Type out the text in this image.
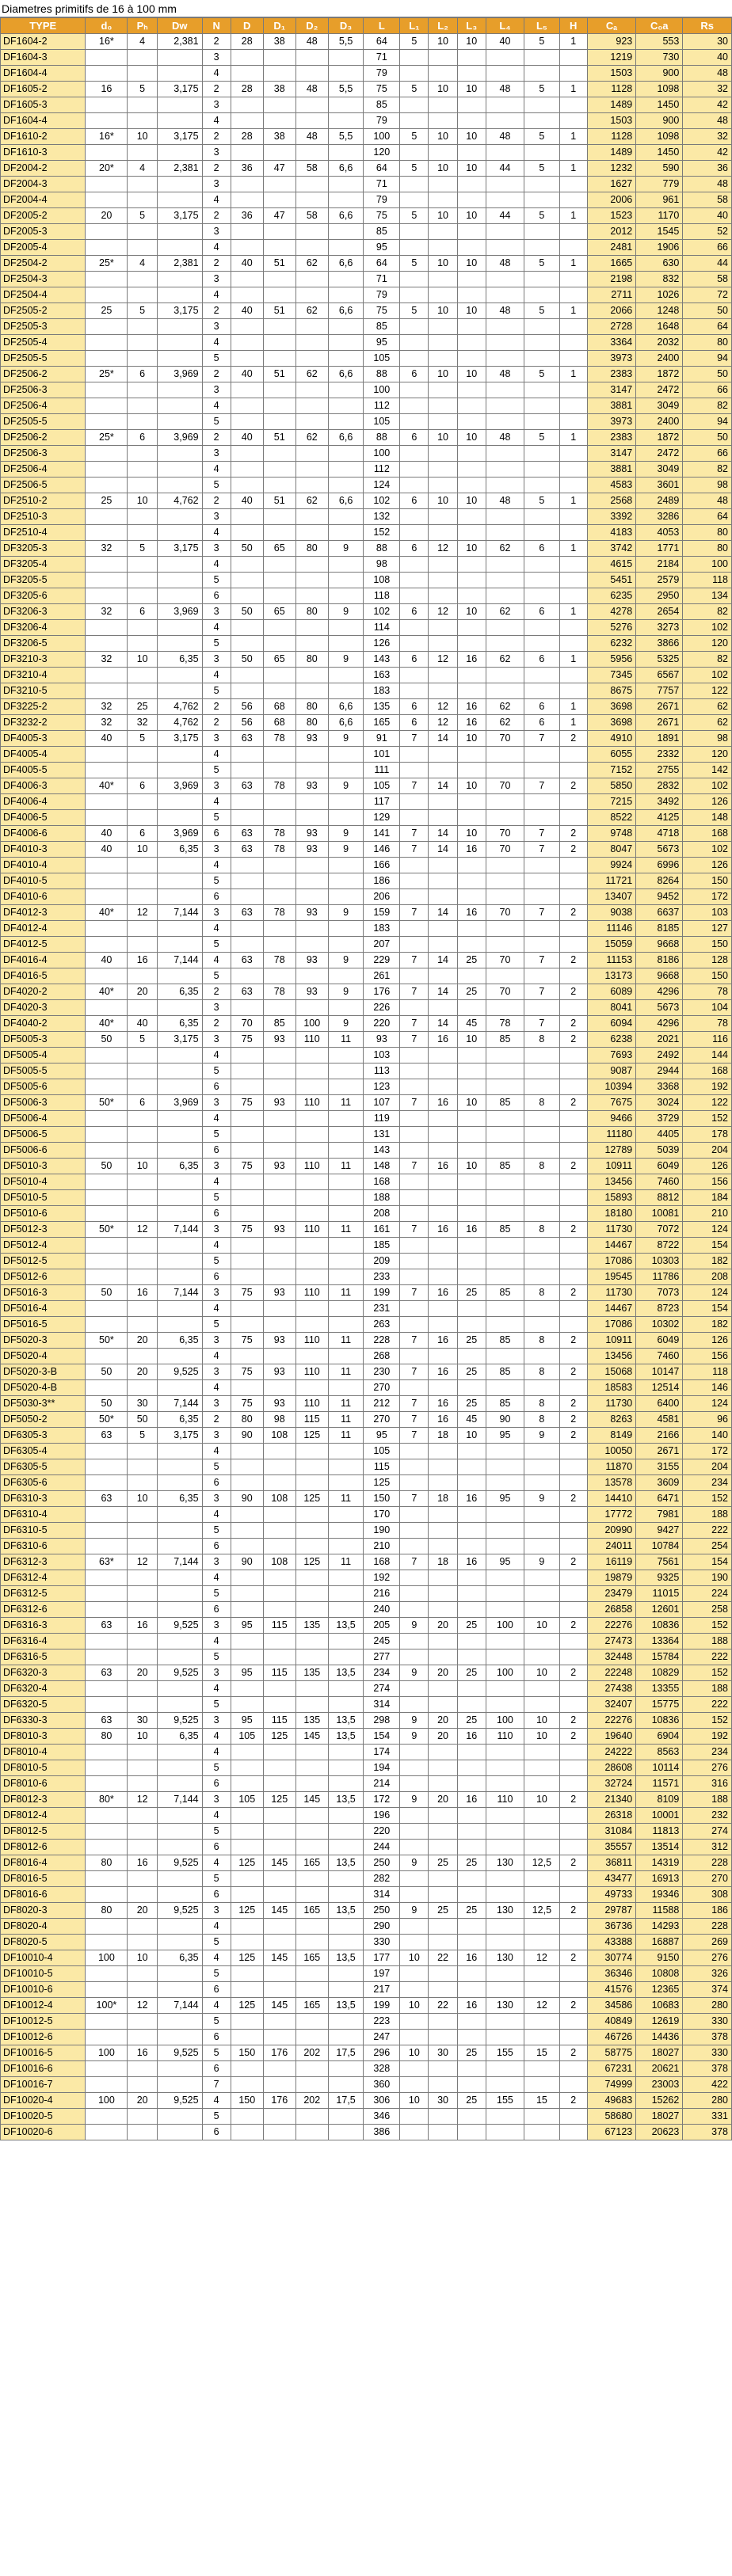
Diametres primitifs de 16 à 100 mm
TYPE	d₀	Pₕ	Dw	N	D	D₁	D₂	D₃	L	L₁	L₂	L₃	L₄	L₅	H	Cₐ	C₀a	Rs
DF1604-2	16*	4	2,381	2	28	38	48	5,5	64	5	10	10	40	5	1	923	553	30
DF1604-3				3					71							1219	730	40
DF1604-4				4					79							1503	900	48
DF1605-2	16	5	3,175	2	28	38	48	5,5	75	5	10	10	48	5	1	1128	1098	32
DF1605-3				3					85							1489	1450	42
DF1604-4				4					79							1503	900	48
DF1610-2	16*	10	3,175	2	28	38	48	5,5	100	5	10	10	48	5	1	1128	1098	32
DF1610-3				3					120							1489	1450	42
DF2004-2	20*	4	2,381	2	36	47	58	6,6	64	5	10	10	44	5	1	1232	590	36
DF2004-3				3					71							1627	779	48
DF2004-4				4					79							2006	961	58
DF2005-2	20	5	3,175	2	36	47	58	6,6	75	5	10	10	44	5	1	1523	1170	40
DF2005-3				3					85							2012	1545	52
DF2005-4				4					95							2481	1906	66
DF2504-2	25*	4	2,381	2	40	51	62	6,6	64	5	10	10	48	5	1	1665	630	44
DF2504-3				3					71							2198	832	58
DF2504-4				4					79							2711	1026	72
DF2505-2	25	5	3,175	2	40	51	62	6,6	75	5	10	10	48	5	1	2066	1248	50
DF2505-3				3					85							2728	1648	64
DF2505-4				4					95							3364	2032	80
DF2505-5				5					105							3973	2400	94
DF2506-2	25*	6	3,969	2	40	51	62	6,6	88	6	10	10	48	5	1	2383	1872	50
DF2506-3				3					100							3147	2472	66
DF2506-4				4					112							3881	3049	82
DF2505-5				5					105							3973	2400	94
DF2506-2	25*	6	3,969	2	40	51	62	6,6	88	6	10	10	48	5	1	2383	1872	50
DF2506-3				3					100							3147	2472	66
DF2506-4				4					112							3881	3049	82
DF2506-5				5					124							4583	3601	98
DF2510-2	25	10	4,762	2	40	51	62	6,6	102	6	10	10	48	5	1	2568	2489	48
DF2510-3				3					132							3392	3286	64
DF2510-4				4					152							4183	4053	80
DF3205-3	32	5	3,175	3	50	65	80	9	88	6	12	10	62	6	1	3742	1771	80
DF3205-4				4					98							4615	2184	100
DF3205-5				5					108							5451	2579	118
DF3205-6				6					118							6235	2950	134
DF3206-3	32	6	3,969	3	50	65	80	9	102	6	12	10	62	6	1	4278	2654	82
DF3206-4				4					114							5276	3273	102
DF3206-5				5					126							6232	3866	120
DF3210-3	32	10	6,35	3	50	65	80	9	143	6	12	16	62	6	1	5956	5325	82
DF3210-4				4					163							7345	6567	102
DF3210-5				5					183							8675	7757	122
DF3225-2	32	25	4,762	2	56	68	80	6,6	135	6	12	16	62	6	1	3698	2671	62
DF3232-2	32	32	4,762	2	56	68	80	6,6	165	6	12	16	62	6	1	3698	2671	62
DF4005-3	40	5	3,175	3	63	78	93	9	91	7	14	10	70	7	2	4910	1891	98
DF4005-4				4					101							6055	2332	120
DF4005-5				5					111							7152	2755	142
DF4006-3	40*	6	3,969	3	63	78	93	9	105	7	14	10	70	7	2	5850	2832	102
DF4006-4				4					117							7215	3492	126
DF4006-5				5					129							8522	4125	148
DF4006-6	40	6	3,969	6	63	78	93	9	141	7	14	10	70	7	2	9748	4718	168
DF4010-3	40	10	6,35	3	63	78	93	9	146	7	14	16	70	7	2	8047	5673	102
DF4010-4				4					166							9924	6996	126
DF4010-5				5					186							11721	8264	150
DF4010-6				6					206							13407	9452	172
DF4012-3	40*	12	7,144	3	63	78	93	9	159	7	14	16	70	7	2	9038	6637	103
DF4012-4				4					183							11146	8185	127
DF4012-5				5					207							15059	9668	150
DF4016-4	40	16	7,144	4	63	78	93	9	229	7	14	25	70	7	2	11153	8186	128
DF4016-5				5					261							13173	9668	150
DF4020-2	40*	20	6,35	2	63	78	93	9	176	7	14	25	70	7	2	6089	4296	78
DF4020-3				3					226							8041	5673	104
DF4040-2	40*	40	6,35	2	70	85	100	9	220	7	14	45	78	7	2	6094	4296	78
DF5005-3	50	5	3,175	3	75	93	110	11	93	7	16	10	85	8	2	6238	2021	116
DF5005-4				4					103							7693	2492	144
DF5005-5				5					113							9087	2944	168
DF5005-6				6					123							10394	3368	192
DF5006-3	50*	6	3,969	3	75	93	110	11	107	7	16	10	85	8	2	7675	3024	122
DF5006-4				4					119							9466	3729	152
DF5006-5				5					131							11180	4405	178
DF5006-6				6					143							12789	5039	204
DF5010-3	50	10	6,35	3	75	93	110	11	148	7	16	10	85	8	2	10911	6049	126
DF5010-4				4					168							13456	7460	156
DF5010-5				5					188							15893	8812	184
DF5010-6				6					208							18180	10081	210
DF5012-3	50*	12	7,144	3	75	93	110	11	161	7	16	16	85	8	2	11730	7072	124
DF5012-4				4					185							14467	8722	154
DF5012-5				5					209							17086	10303	182
DF5012-6				6					233							19545	11786	208
DF5016-3	50	16	7,144	3	75	93	110	11	199	7	16	25	85	8	2	11730	7073	124
DF5016-4				4					231							14467	8723	154
DF5016-5				5					263							17086	10302	182
DF5020-3	50*	20	6,35	3	75	93	110	11	228	7	16	25	85	8	2	10911	6049	126
DF5020-4				4					268							13456	7460	156
DF5020-3-B	50	20	9,525	3	75	93	110	11	230	7	16	25	85	8	2	15068	10147	118
DF5020-4-B				4					270							18583	12514	146
DF5030-3**	50	30	7,144	3	75	93	110	11	212	7	16	25	85	8	2	11730	6400	124
DF5050-2	50*	50	6,35	2	80	98	115	11	270	7	16	45	90	8	2	8263	4581	96
DF6305-3	63	5	3,175	3	90	108	125	11	95	7	18	10	95	9	2	8149	2166	140
DF6305-4				4					105							10050	2671	172
DF6305-5				5					115							11870	3155	204
DF6305-6				6					125							13578	3609	234
DF6310-3	63	10	6,35	3	90	108	125	11	150	7	18	16	95	9	2	14410	6471	152
DF6310-4				4					170							17772	7981	188
DF6310-5				5					190							20990	9427	222
DF6310-6				6					210							24011	10784	254
DF6312-3	63*	12	7,144	3	90	108	125	11	168	7	18	16	95	9	2	16119	7561	154
DF6312-4				4					192							19879	9325	190
DF6312-5				5					216							23479	11015	224
DF6312-6				6					240							26858	12601	258
DF6316-3	63	16	9,525	3	95	115	135	13,5	205	9	20	25	100	10	2	22276	10836	152
DF6316-4				4					245							27473	13364	188
DF6316-5				5					277							32448	15784	222
DF6320-3	63	20	9,525	3	95	115	135	13,5	234	9	20	25	100	10	2	22248	10829	152
DF6320-4				4					274							27438	13355	188
DF6320-5				5					314							32407	15775	222
DF6330-3	63	30	9,525	3	95	115	135	13,5	298	9	20	25	100	10	2	22276	10836	152
DF8010-3	80	10	6,35	4	105	125	145	13,5	154	9	20	16	110	10	2	19640	6904	192
DF8010-4				4					174							24222	8563	234
DF8010-5				5					194							28608	10114	276
DF8010-6				6					214							32724	11571	316
DF8012-3	80*	12	7,144	3	105	125	145	13,5	172	9	20	16	110	10	2	21340	8109	188
DF8012-4				4					196							26318	10001	232
DF8012-5				5					220							31084	11813	274
DF8012-6				6					244							35557	13514	312
DF8016-4	80	16	9,525	4	125	145	165	13,5	250	9	25	25	130	12,5	2	36811	14319	228
DF8016-5				5					282							43477	16913	270
DF8016-6				6					314							49733	19346	308
DF8020-3	80	20	9,525	3	125	145	165	13,5	250	9	25	25	130	12,5	2	29787	11588	186
DF8020-4				4					290							36736	14293	228
DF8020-5				5					330							43388	16887	269
DF10010-4	100	10	6,35	4	125	145	165	13,5	177	10	22	16	130	12	2	30774	9150	276
DF10010-5				5					197							36346	10808	326
DF10010-6				6					217							41576	12365	374
DF10012-4	100*	12	7,144	4	125	145	165	13,5	199	10	22	16	130	12	2	34586	10683	280
DF10012-5				5					223							40849	12619	330
DF10012-6				6					247							46726	14436	378
DF10016-5	100	16	9,525	5	150	176	202	17,5	296	10	30	25	155	15	2	58775	18027	330
DF10016-6				6					328							67231	20621	378
DF10016-7				7					360							74999	23003	422
DF10020-4	100	20	9,525	4	150	176	202	17,5	306	10	30	25	155	15	2	49683	15262	280
DF10020-5				5					346							58680	18027	331
DF10020-6				6					386							67123	20623	378
